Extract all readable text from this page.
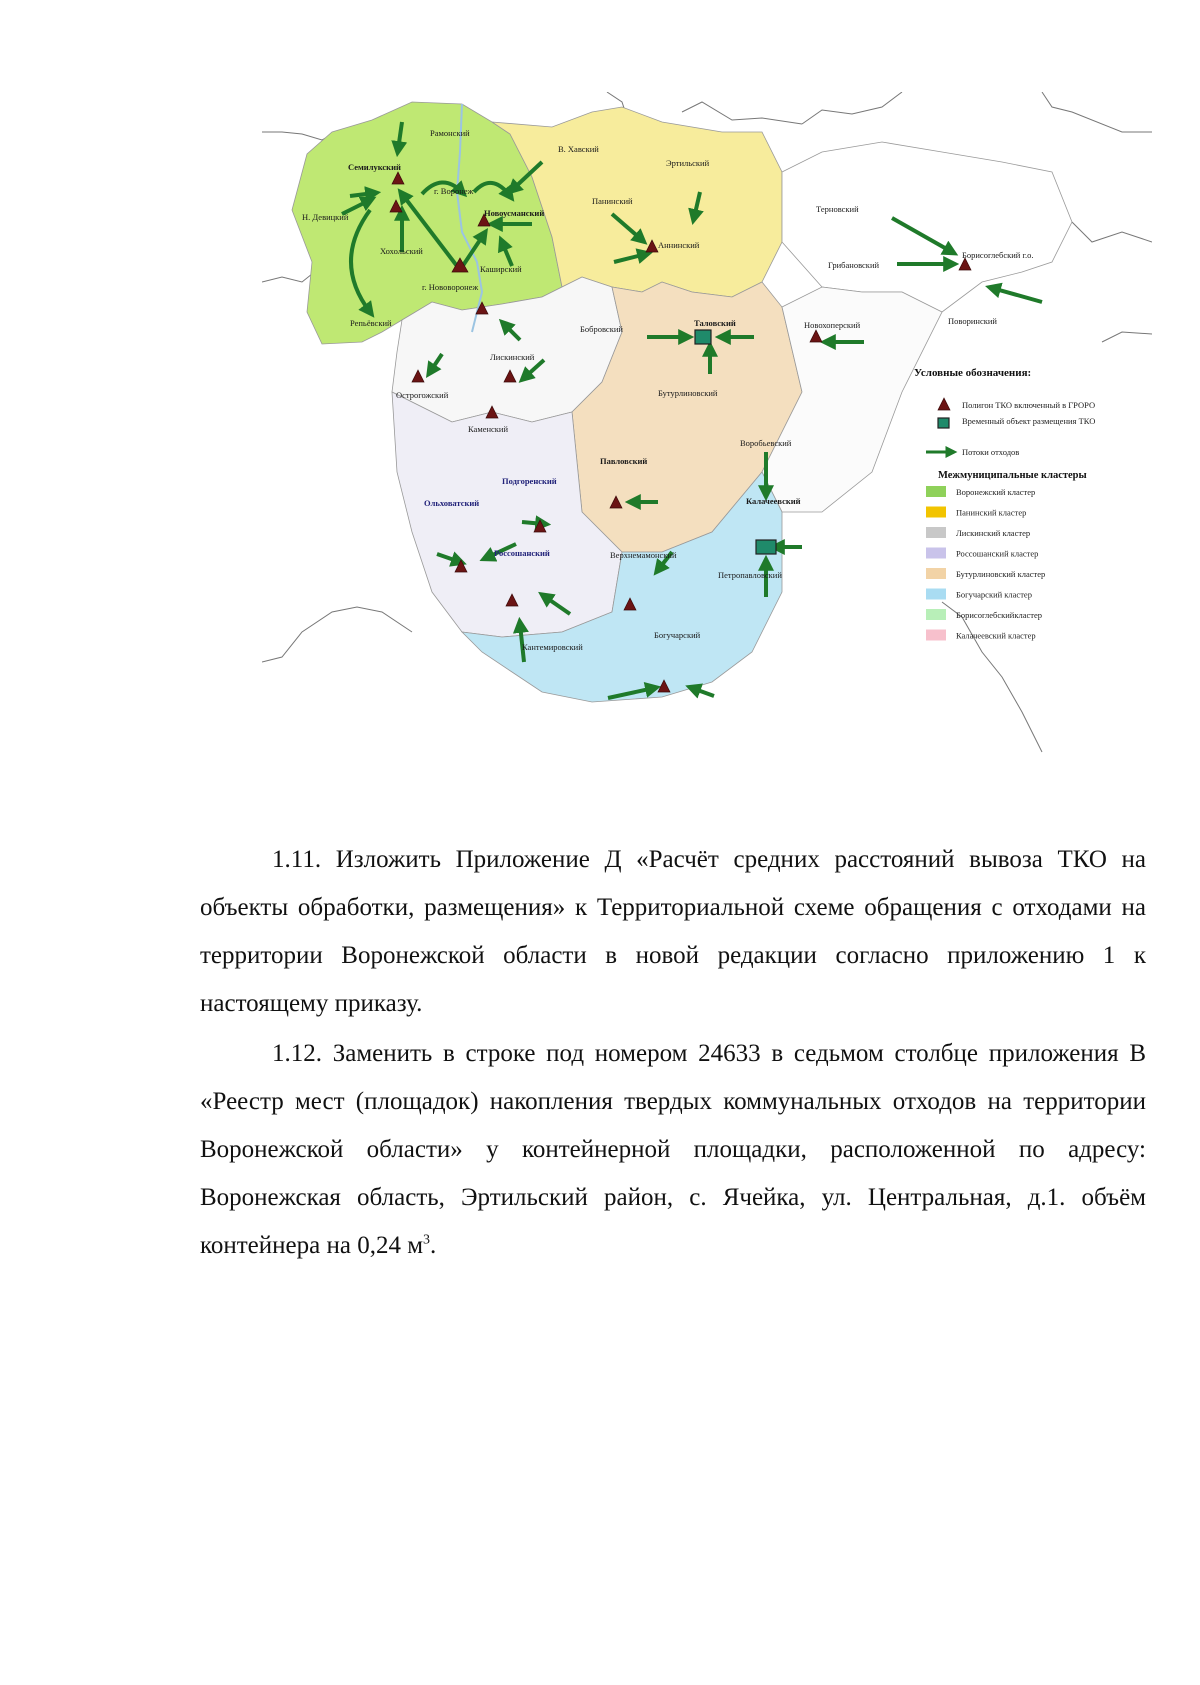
Рамонский
Семилукский
г. Воронеж
Н. Девицкий	Новоусманский
Хохольский
Каширский
г. Нововоронеж
Репьёвский
В. Хавский
Эртильский
Панинский
Аннинский
Терновский
Борисоглебский г.о.
Грибановский
Поворинский
Бобровский
Таловский	Новохоперский
Лискинский
Острогожский	Бутурлиновский
Каменский
Воробьевский
Подгоренский
Павловский
Ольховатский	Калачеевский
Россошанский	Верхнемамонский
Петропавловский
Кантемировский
Богучарский
Условные обозначения:
Полигон ТКО включенный в ГРОРО
Временный объект размещения ТКО
Потоки отходов
Межмуниципальные кластеры
Воронежский кластер
Панинский кластер
Лискинский кластер
Россошанский кластер
Бутурлиновский кластер
Богучарский кластер
Борисоглебскийкластер
Калачеевский кластер

1.11. Изложить Приложение Д «Расчёт средних расстояний вывоза ТКО на объекты обработки, размещения» к Территориальной схеме обращения с отходами на территории Воронежской области в новой редакции согласно приложению 1 к настоящему приказу.

1.12. Заменить в строке под номером 24633 в седьмом столбце приложения В «Реестр мест (площадок) накопления твердых коммунальных отходов на территории Воронежской области» у контейнерной площадки, расположенной по адресу: Воронежская область, Эртильский район, с. Ячейка, ул. Центральная, д.1. объём контейнера на 0,24 $м^3$.
